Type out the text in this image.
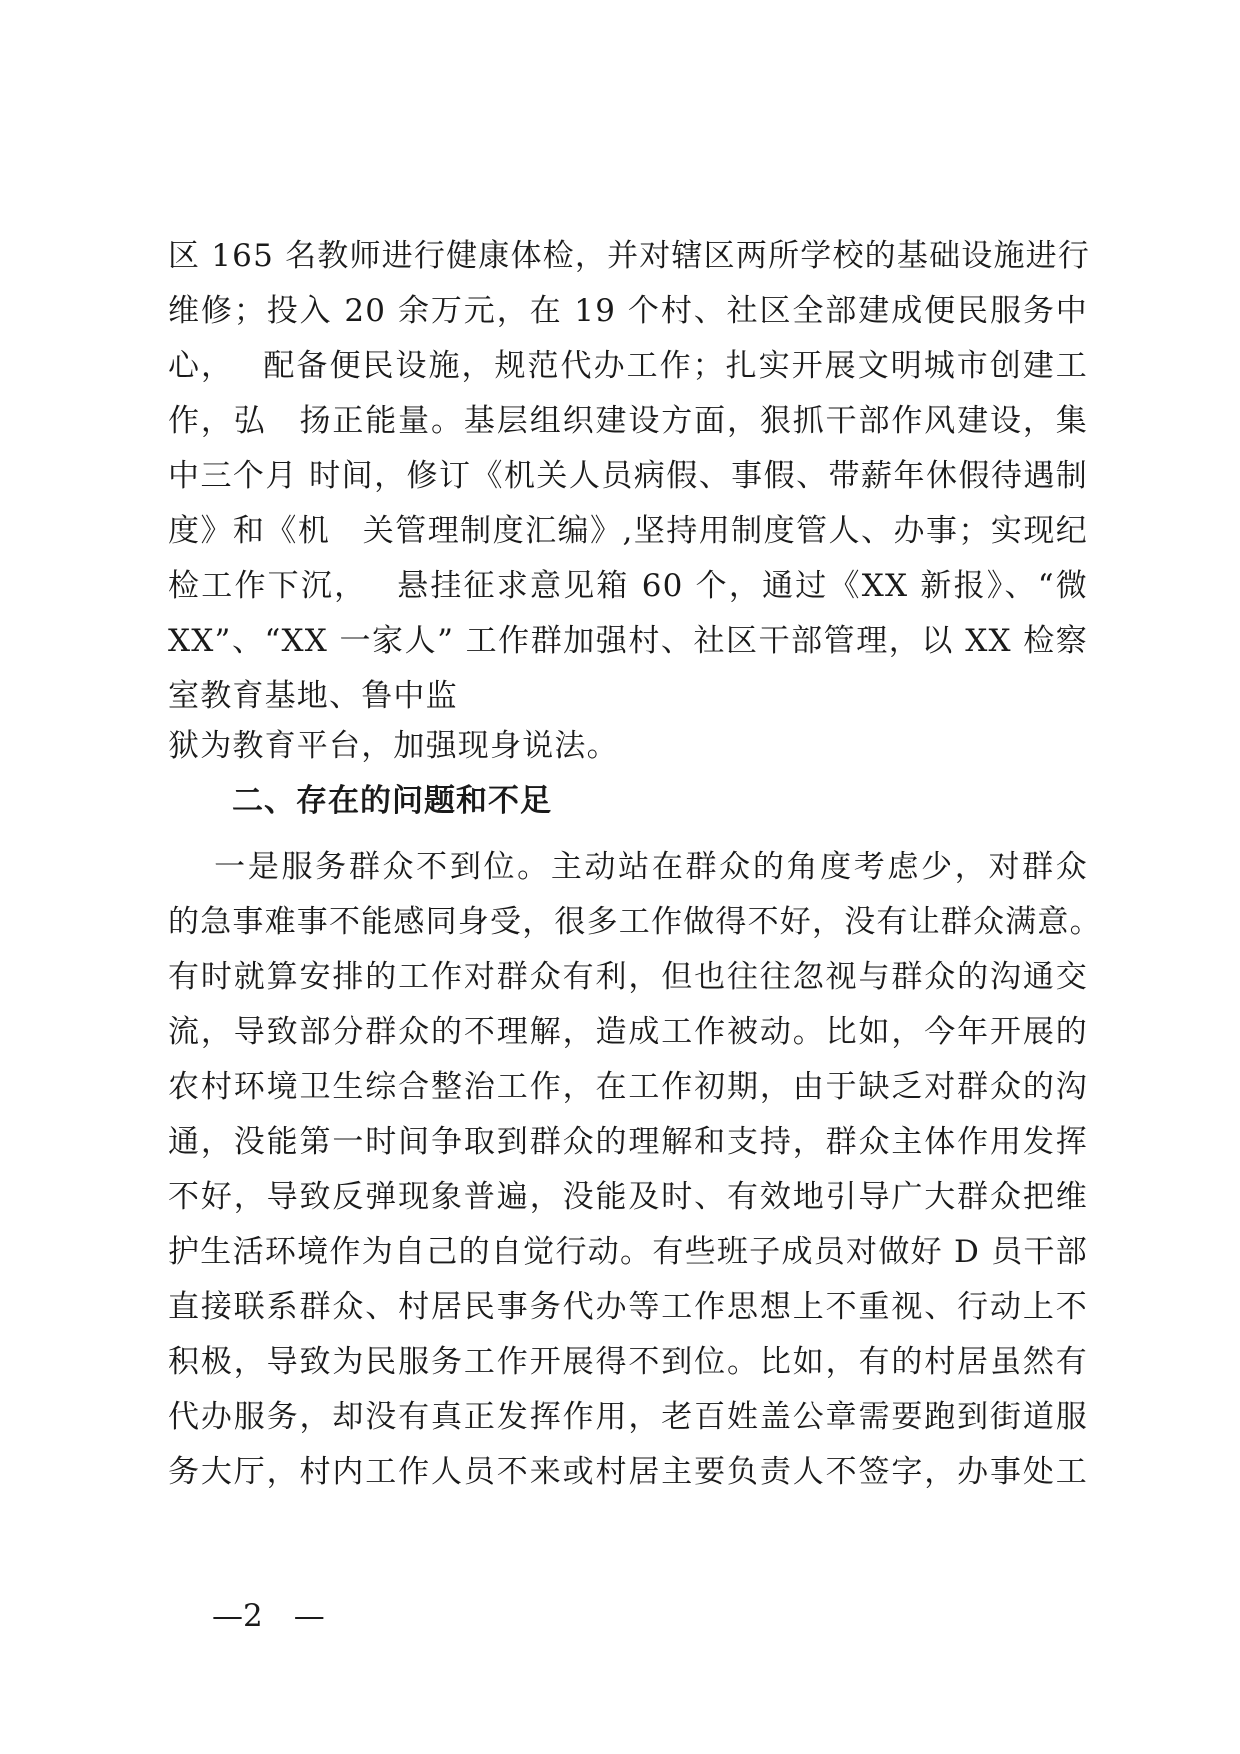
区 165 名教师进行健康体检，并对辖区两所学校的基础设施进行
维修；投入 20 余万元，在 19 个村、社区全部建成便民服务中
心，　 配备便民设施，规范代办工作；扎实开展文明城市创建工
作，弘　扬正能量。基层组织建设方面，狠抓干部作风建设，集
中三个月 时间，修订《机关人员病假、事假、带薪年休假待遇制
度》和《机　关管理制度汇编》,坚持用制度管人、办事；实现纪
检工作下沉，　 悬挂征求意见箱 60 个，通过《XX 新报》、“微
XX”、“XX 一家人” 工作群加强村、社区干部管理，以 XX 检察
室教育基地、鲁中监
狱为教育平台，加强现身说法。
二、存在的问题和不足
　 一是服务群众不到位。主动站在群众的角度考虑少，对群众
的急事难事不能感同身受，很多工作做得不好，没有让群众满意。
有时就算安排的工作对群众有利，但也往往忽视与群众的沟通交
流，导致部分群众的不理解，造成工作被动。比如，今年开展的
农村环境卫生综合整治工作，在工作初期，由于缺乏对群众的沟
通，没能第一时间争取到群众的理解和支持，群众主体作用发挥
不好，导致反弹现象普遍，没能及时、有效地引导广大群众把维
护生活环境作为自己的自觉行动。有些班子成员对做好 D 员干部
直接联系群众、村居民事务代办等工作思想上不重视、行动上不
积极，导致为民服务工作开展得不到位。比如，有的村居虽然有
代办服务，却没有真正发挥作用，老百姓盖公章需要跑到街道服
务大厅，村内工作人员不来或村居主要负责人不签字，办事处工
—2　—
